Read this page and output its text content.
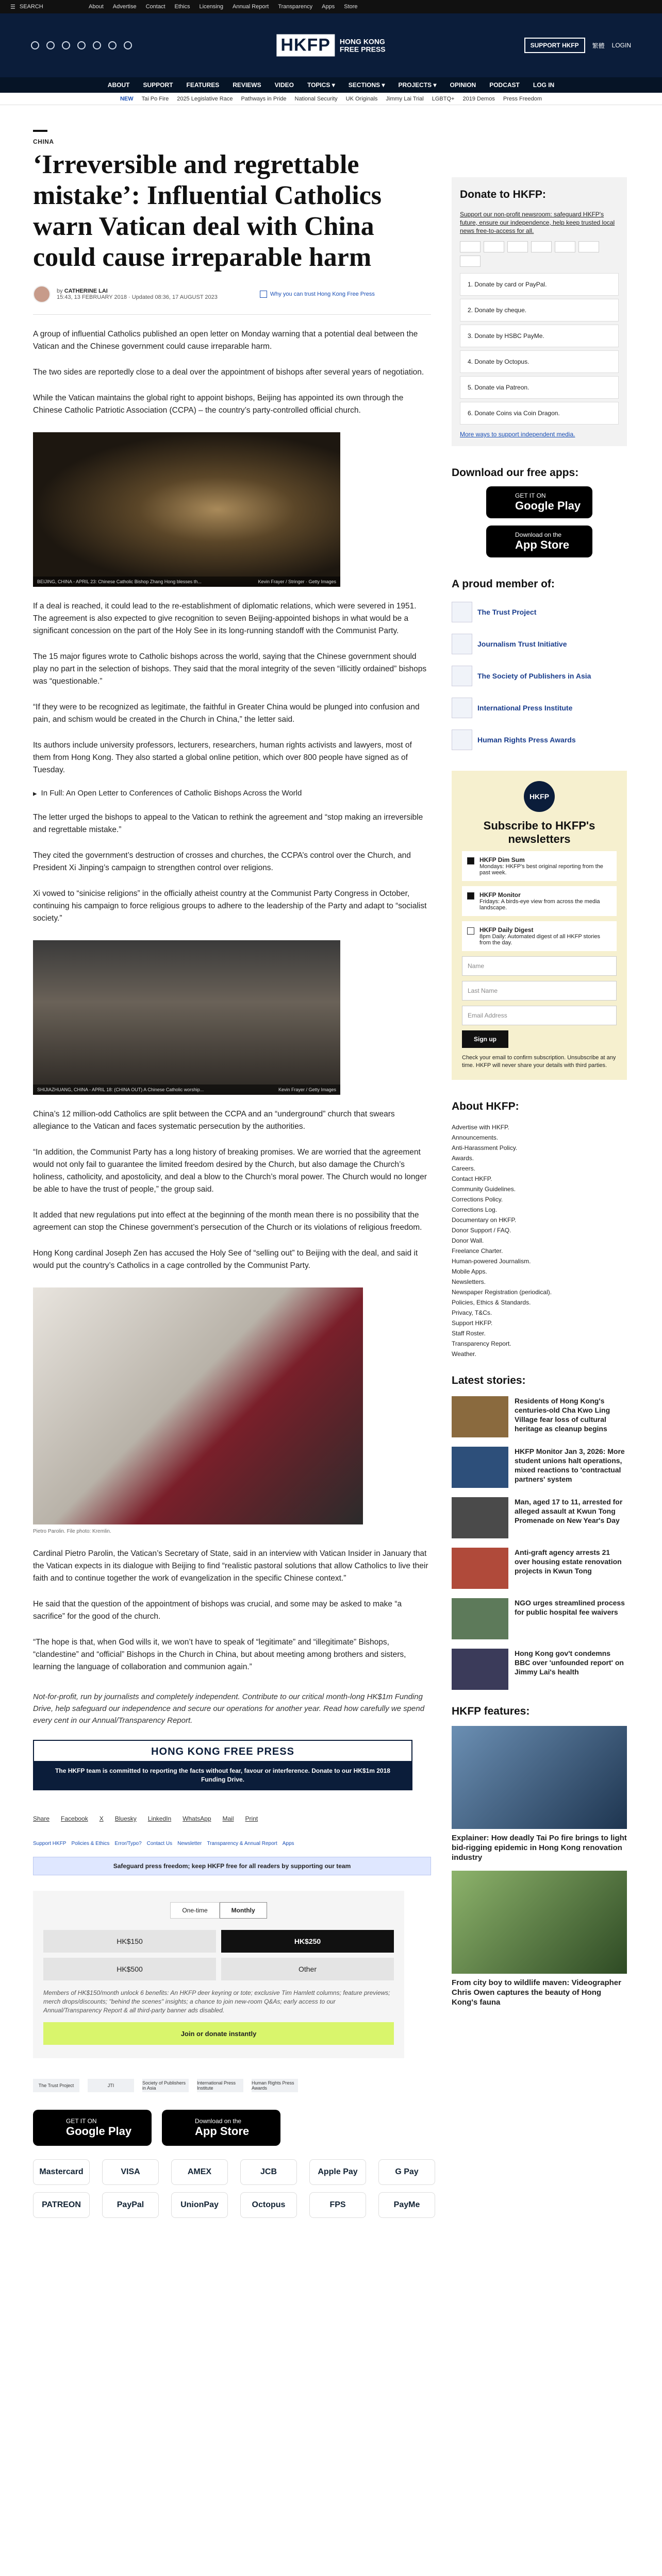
☰ SEARCH	About Advertise Contact Ethics Licensing Annual Report Transparency Apps Store
HKFP	HONG KONG
FREE PRESS	SUPPORT HKFP	繁體 LOGIN
ABOUT SUPPORT FEATURES REVIEWS VIDEO TOPICS ▾ SECTIONS ▾ PROJECTS ▾ OPINION PODCAST LOG IN
NEW Tai Po Fire 2025 Legislative Race Pathways in Pride National Security UK Originals Jimmy Lai Trial LGBTQ+ 2019 Demos Press Freedom
CHINA
‘Irreversible and regrettable mistake’: Influential Catholics warn Vatican deal with China could cause irreparable harm
by CATHERINE LAI
15:43, 13 FEBRUARY 2018 · Updated 08:36, 17 AUGUST 2023	Why you can trust Hong Kong Free Press

A group of influential Catholics published an open letter on Monday warning that a potential deal between the Vatican and the Chinese government could cause irreparable harm.

The two sides are reportedly close to a deal over the appointment of bishops after several years of negotiation.

While the Vatican maintains the global right to appoint bishops, Beijing has appointed its own through the Chinese Catholic Patriotic Association (CCPA) – the country’s party-controlled official church.

BEIJING, CHINA - APRIL 23: Chinese Catholic Bishop Zhang Hong blesses th...	Kevin Frayer / Stringer · Getty Images

If a deal is reached, it could lead to the re-establishment of diplomatic relations, which were severed in 1951. The agreement is also expected to give recognition to seven Beijing-appointed bishops in what would be a significant concession on the part of the Holy See in its long-running standoff with the Communist Party.

The 15 major figures wrote to Catholic bishops across the world, saying that the Chinese government should play no part in the selection of bishops. They said that the moral integrity of the seven “illicitly ordained” bishops was “questionable.”

“If they were to be recognized as legitimate, the faithful in Greater China would be plunged into confusion and pain, and schism would be created in the Church in China,” the letter said.

Its authors include university professors, lecturers, researchers, human rights activists and lawyers, most of them from Hong Kong. They also started a global online petition, which over 800 people have signed as of Tuesday.

▸ In Full: An Open Letter to Conferences of Catholic Bishops Across the World

The letter urged the bishops to appeal to the Vatican to rethink the agreement and “stop making an irreversible and regrettable mistake.”

They cited the government’s destruction of crosses and churches, the CCPA’s control over the Church, and President Xi Jinping’s campaign to strengthen control over religions.

Xi vowed to “sinicise religions” in the officially atheist country at the Communist Party Congress in October, continuing his campaign to force religious groups to adhere to the leadership of the Party and adapt to “socialist society.”

SHIJIAZHUANG, CHINA - APRIL 18: (CHINA OUT) A Chinese Catholic worship...	Kevin Frayer / Getty Images

China’s 12 million-odd Catholics are split between the CCPA and an “underground” church that swears allegiance to the Vatican and faces systematic persecution by the authorities.

“In addition, the Communist Party has a long history of breaking promises. We are worried that the agreement would not only fail to guarantee the limited freedom desired by the Church, but also damage the Church’s holiness, catholicity, and apostolicity, and deal a blow to the Church’s moral power. The Church would no longer be able to have the trust of people,” the group said.

It added that new regulations put into effect at the beginning of the month mean there is no possibility that the agreement can stop the Chinese government’s persecution of the Church or its violations of religious freedom.

Hong Kong cardinal Joseph Zen has accused the Holy See of “selling out” to Beijing with the deal, and said it would put the country’s Catholics in a cage controlled by the Communist Party.

Pietro Parolin. File photo: Kremlin.

Cardinal Pietro Parolin, the Vatican’s Secretary of State, said in an interview with Vatican Insider in January that the Vatican expects in its dialogue with Beijing to find “realistic pastoral solutions that allow Catholics to live their faith and to continue together the work of evangelization in the specific Chinese context.”

He said that the question of the appointment of bishops was crucial, and some may be asked to make “a sacrifice” for the good of the church.

“The hope is that, when God wills it, we won’t have to speak of “legitimate” and “illegitimate” Bishops, “clandestine” and “official” Bishops in the Church in China, but about meeting among brothers and sisters, learning the language of collaboration and communion again.”

Not-for-profit, run by journalists and completely independent. Contribute to our critical month-long HK$1m Funding Drive, help safeguard our independence and secure our operations for another year. Read how carefully we spend every cent in our Annual/Transparency Report.

HONG KONG FREE PRESS
The HKFP team is committed to reporting the facts without fear, favour or interference. Donate to our HK$1m 2018 Funding Drive.
Share Facebook X Bluesky LinkedIn WhatsApp Mail Print
Support HKFP Policies & Ethics Error/Typo? Contact Us Newsletter Transparency & Annual Report Apps
Safeguard press freedom; keep HKFP free for all readers by supporting our team
One-time	Monthly
HK$150	HK$250
HK$500	Other
Members of HK$150/month unlock 6 benefits: An HKFP deer keyring or tote; exclusive Tim Hamlett columns; feature previews; merch drops/discounts; "behind the scenes" insights; a chance to join new-room Q&As; early access to our Annual/Transparency Report & all third-party banner ads disabled.
Join or donate instantly
The Trust Project	JTI	Society of Publishers in Asia
International Press Institute
Human Rights Press Awards
GET IT ON
Google Play
Download on the
App Store
Mastercard	VISA	AMEX	JCB	Apple Pay	G Pay
PATREON	PayPal	UnionPay	Octopus	FPS	PayMe
Donate to HKFP:
Support our non-profit newsroom: safeguard HKFP's future, ensure our independence, help keep trusted local news free-to-access for all.
1. Donate by card or PayPal.
2. Donate by cheque.
3. Donate by HSBC PayMe.
4. Donate by Octopus.
5. Donate via Patreon.
6. Donate Coins via Coin Dragon.
More ways to support independent media.
Download our free apps:
GET IT ON
Google Play
Download on the
App Store
A proud member of:
The Trust Project
Journalism Trust Initiative
The Society of Publishers in Asia
International Press Institute
Human Rights Press Awards
HKFP
Subscribe to HKFP's newsletters
HKFP Dim Sum
Mondays: HKFP's best original reporting from the past week.
HKFP Monitor
Fridays: A birds-eye view from across the media landscape.
HKFP Daily Digest
8pm Daily: Automated digest of all HKFP stories from the day.
Name
Last Name
Email Address
Sign up
Check your email to confirm subscription. Unsubscribe at any time. HKFP will never share your details with third parties.
About HKFP:
Advertise with HKFP.
Announcements.
Anti-Harassment Policy.
Awards.
Careers.
Contact HKFP.
Community Guidelines.
Corrections Policy.
Corrections Log.
Documentary on HKFP.
Donor Support / FAQ.
Donor Wall.
Freelance Charter.
Human-powered Journalism.
Mobile Apps.
Newsletters.
Newspaper Registration (periodical).
Policies, Ethics & Standards.
Privacy, T&Cs.
Support HKFP.
Staff Roster.
Transparency Report.
Weather.
Latest stories:
Residents of Hong Kong's centuries-old Cha Kwo Ling Village fear loss of cultural heritage as cleanup begins
HKFP Monitor Jan 3, 2026: More student unions halt operations, mixed reactions to 'contractual partners' system
Man, aged 17 to 11, arrested for alleged assault at Kwun Tong Promenade on New Year's Day
Anti-graft agency arrests 21 over housing estate renovation projects in Kwun Tong
NGO urges streamlined process for public hospital fee waivers
Hong Kong gov't condemns BBC over 'unfounded report' on Jimmy Lai's health
HKFP features:
Explainer: How deadly Tai Po fire brings to light bid-rigging epidemic in Hong Kong renovation industry
From city boy to wildlife maven: Videographer Chris Owen captures the beauty of Hong Kong's fauna
